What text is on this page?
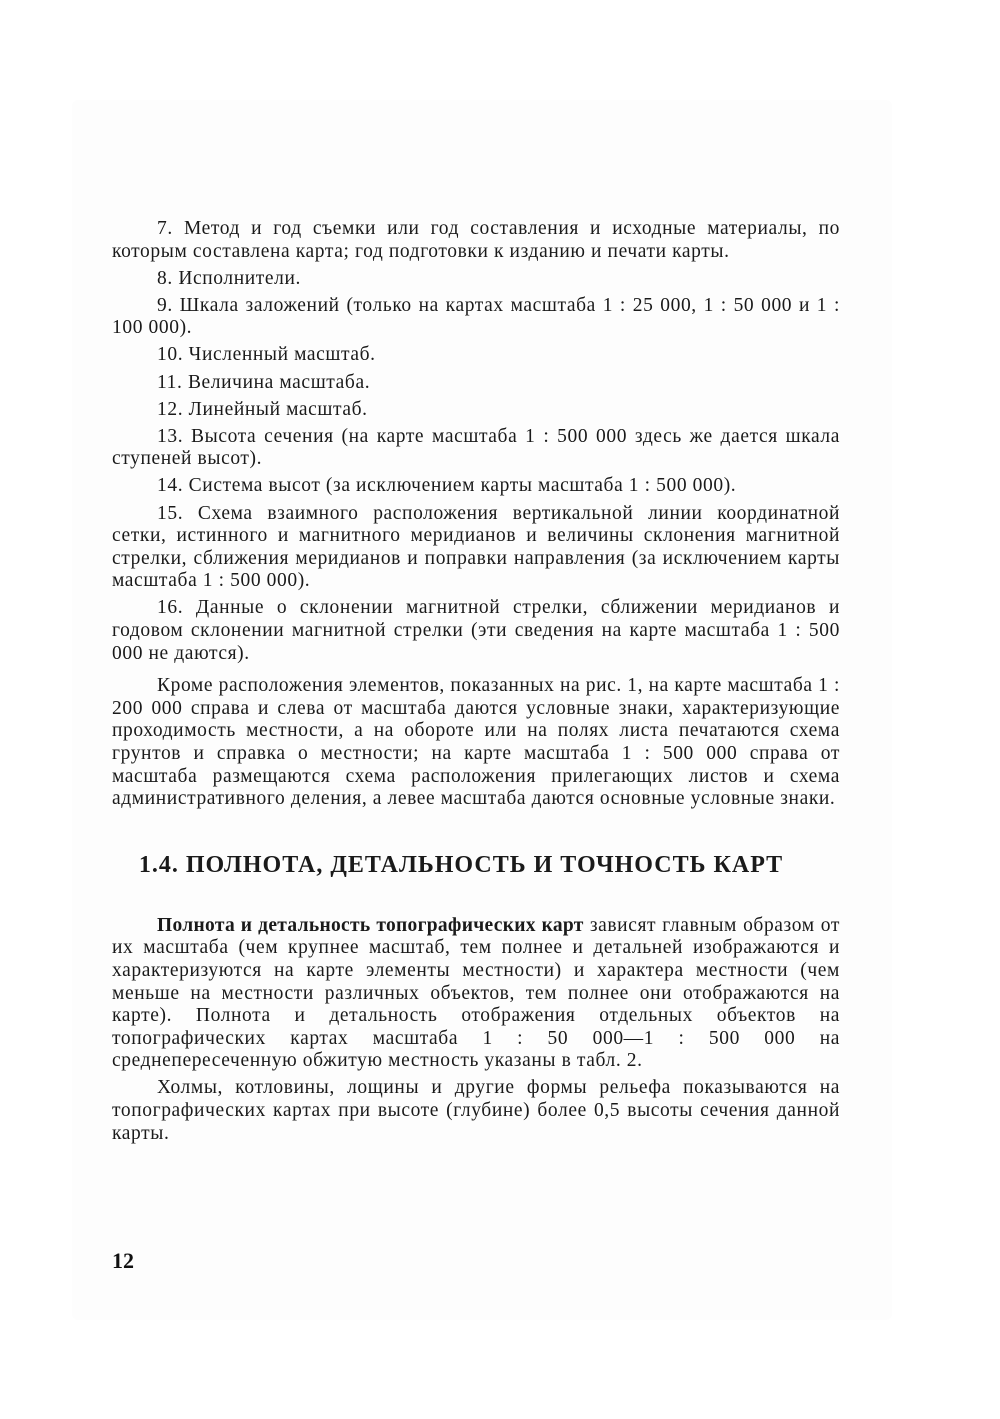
7. Метод и год съемки или год составления и исходные материалы, по которым составлена карта; год подготовки к изданию и печати карты.

8. Исполнители.

9. Шкала заложений (только на картах масштаба 1 : 25 000, 1 : 50 000 и 1 : 100 000).

10. Численный масштаб.

11. Величина масштаба.

12. Линейный масштаб.

13. Высота сечения (на карте масштаба 1 : 500 000 здесь же дается шкала ступеней высот).

14. Система высот (за исключением карты масштаба 1 : 500 000).

15. Схема взаимного расположения вертикальной линии координатной сетки, истинного и магнитного меридианов и величины склонения магнитной стрелки, сближения меридианов и поправки направления (за исключением карты масштаба 1 : 500 000).

16. Данные о склонении магнитной стрелки, сближении меридианов и годовом склонении магнитной стрелки (эти сведения на карте масштаба 1 : 500 000 не даются).

Кроме расположения элементов, показанных на рис. 1, на карте масштаба 1 : 200 000 справа и слева от масштаба даются условные знаки, характеризующие проходимость местности, а на обороте или на полях листа печатаются схема грунтов и справка о местности; на карте масштаба 1 : 500 000 справа от масштаба размещаются схема расположения прилегающих листов и схема административного деления, а левее масштаба даются основные условные знаки.

1.4. ПОЛНОТА, ДЕТАЛЬНОСТЬ И ТОЧНОСТЬ КАРТ

Полнота и детальность топографических карт зависят главным образом от их масштаба (чем крупнее масштаб, тем полнее и детальней изображаются и характеризуются на карте элементы местности) и характера местности (чем меньше на местности различных объектов, тем полнее они отображаются на карте). Полнота и детальность отображения отдельных объектов на топографических картах масштаба 1 : 50 000—1 : 500 000 на среднепересеченную обжитую местность указаны в табл. 2.

Холмы, котловины, лощины и другие формы рельефа показываются на топографических картах при высоте (глубине) более 0,5 высоты сечения данной карты.

12
